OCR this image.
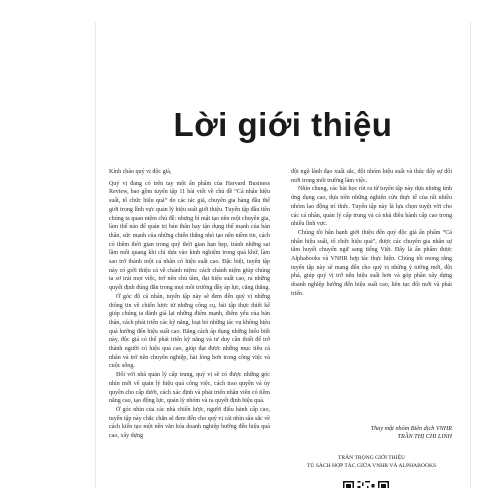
Lời giới thiệu

Kính chào quý vị độc giả,

Quý vị đang có trên tay một ấn phẩm của Harvard Business Review, bao gồm tuyển tập 11 bài viết về chủ đề “Cá nhân hiệu suất, tổ chức hiệu quả” do các tác giả, chuyên gia hàng đầu thế giới trong lĩnh vực quản lý hiệu suất giới thiệu. Tuyển tập đầu tiên chúng ta quan niệm chủ đề: nhưng bí mật tạo nên một chuyên gia, làm thế nào để quản trị bản thân hay tận dụng thế mạnh của bản thân, sức mạnh của những chiến thắng nhỏ tạo nên niềm tin, cách có thêm thời gian trong quỹ thời gian hạn hẹp, tránh những sai lầm mỗi quang khi chỉ dựa vào kinh nghiệm trong quá khứ, làm sao trở thành một cá nhân có hiệu suất cao. Đặc biệt, tuyển tập này có giới thiệu cả về chánh niệm: cách chánh niệm giúp chúng ta sơ trải mọi việc, trở nên chủ tâm, đạt hiệu suất cao, ra những quyết định đúng đắn trong mọi môi trường đầy áp lực, căng thẳng.

Ở góc độ cá nhân, tuyển tập này sẽ đem đến quý vị những thông tin về chiến lược từ những công cụ, bài tập thực thiết kế giúp chúng ta đánh giá lại những điểm mạnh, điểm yếu của bản thân, cách phát triển các kỹ năng, loại bỏ những tác vụ không hiệu quả hướng đến hiệu suất cao. Bằng cách áp dụng những hiểu biết này, độc giả có thể phát triển kỹ năng và tư duy cần thiết để trở thành người có hiệu quả cao, giúp đạt được những mục tiêu cá nhân và trở nên chuyên nghiệp, hài lòng hơn trong công việc và cuộc sống.

Đối với nhà quản lý cấp trung, quý vị sẽ có được những góc nhìn mới về quản lý hiệu quả công việc, cách trao quyền và ủy quyền cho cấp dưới, cách xác định và phát triển nhân viên có tiềm năng cao, tạo động lực, quản lý nhóm và ra quyết định hiệu quả.

Ở góc nhìn của các nhà chiến lược, người điều hành cấp cao, tuyển tập này chắc chắn sẽ đem đến cho quý vị cái nhìn sâu sắc về cách kiến tạo một nền văn hóa doanh nghiệp hướng đến hiệu quả cao, xây dựng

đội ngũ lãnh đạo xuất sắc, đội nhóm hiệu suất và thúc đẩy sự đổi mới trong môi trường làm việc.

Nhìn chung, các bài học rút ra từ tuyển tập này dựa nhưng tình ứng dụng cao, dựa trên những nghiên cứu thực tế của rất nhiều nhóm lao động trí thức. Tuyển tập này là lựa chọn tuyệt vời cho các cá nhân, quản lý cấp trung và cả nhà điều hành cấp cao trong nhiều lĩnh vực.

Chúng tôi hân hạnh giới thiệu đến quý độc giả ấn phẩm “Cá nhân hiệu suất, tổ chức hiệu quả”, được các chuyên gia nhân sự tâm huyết chuyển ngữ sang tiếng Việt. Đây là ấn phẩm được Alphabooks và VNHR hợp tác thực hiện. Chúng tôi mong rằng tuyển tập này sẽ mang đến cho quý vị những ý tưởng mới, đột phá, giúp quý vị trở nên hiệu suất hơn và góp phần xây dựng doanh nghiệp hướng đến hiệu suất cao, liên tục đổi mới và phát triển.

Thay mặt nhóm Biên dịch VNHR
TRẦN THỊ CHI LINH
TRÂN TRỌNG GIỚI THIỆU
TỦ SÁCH HỢP TÁC GIỮA VNHR VÀ ALPHABOOKS
